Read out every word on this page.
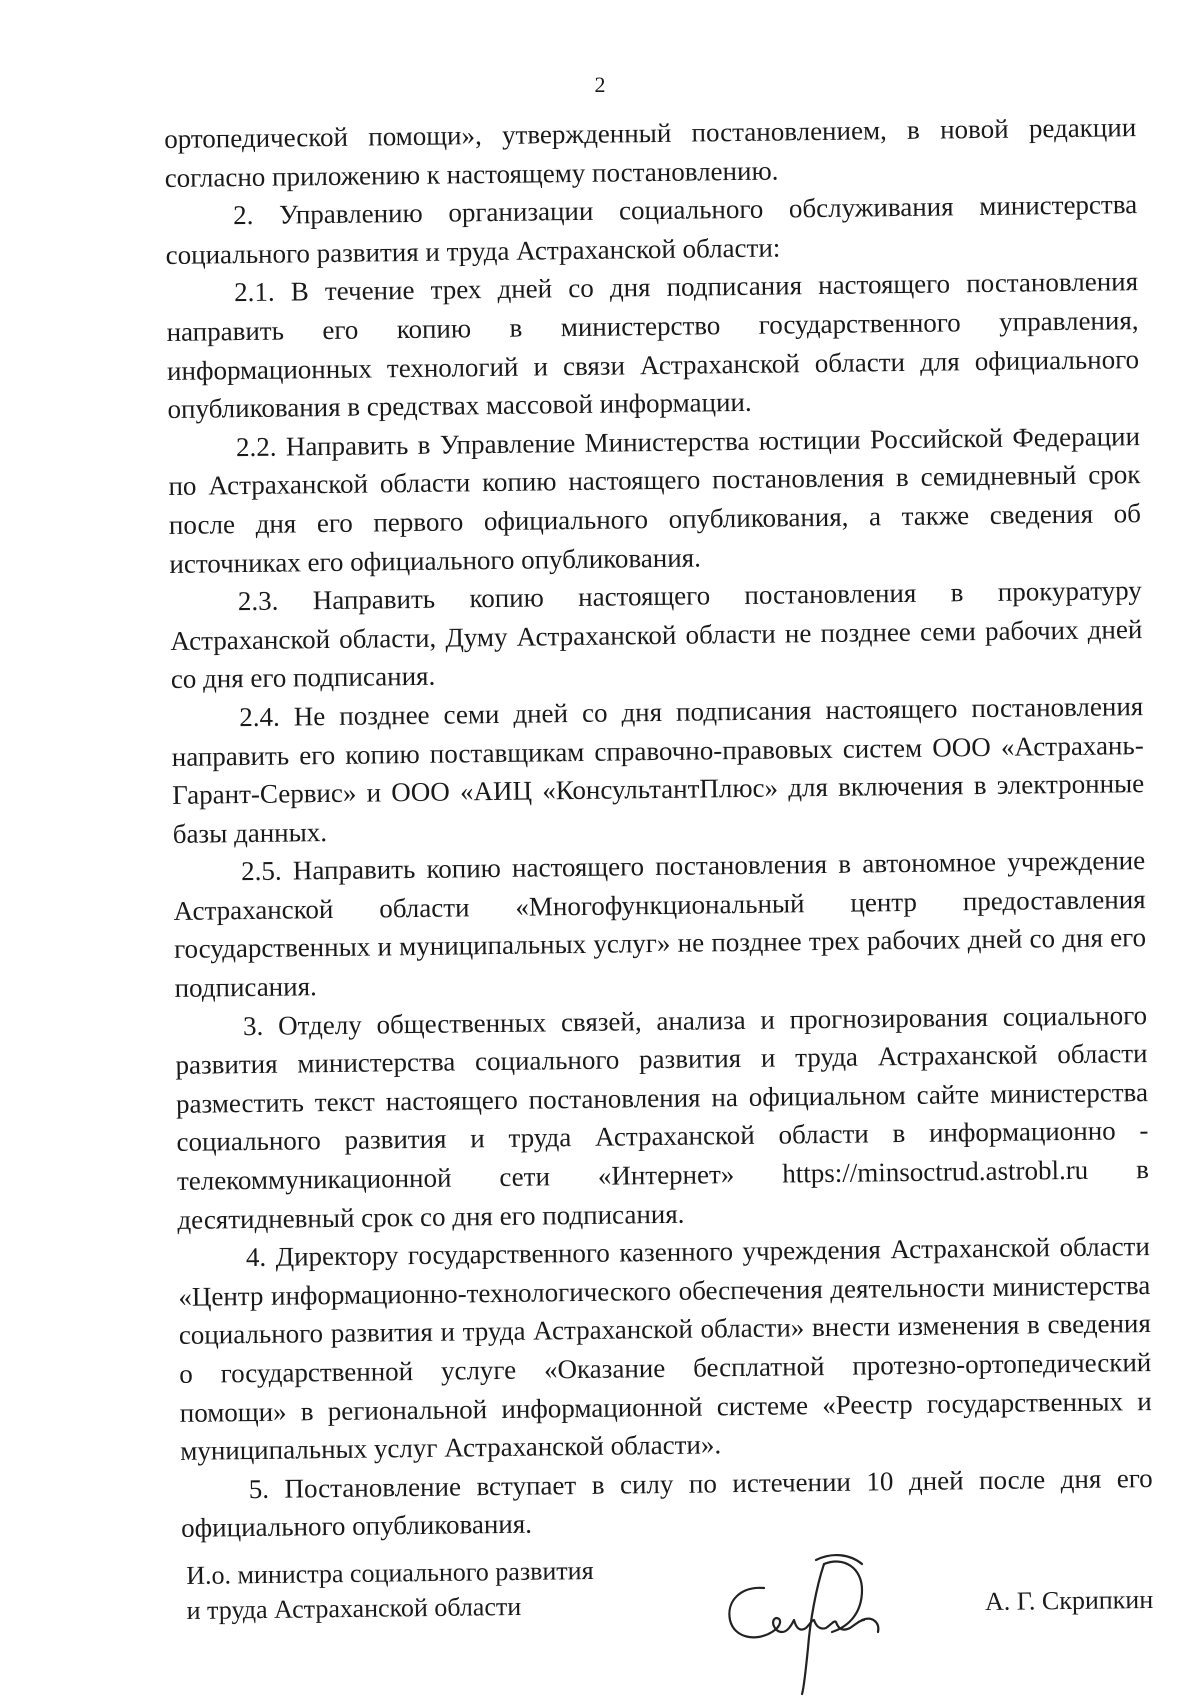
2

ортопедической помощи», утвержденный постановлением, в новой редакции согласно приложению к настоящему постановлению.

2. Управлению организации социального обслуживания министерства социального развития и труда Астраханской области:

2.1. В течение трех дней со дня подписания настоящего постановления направить его копию в министерство государственного управления, информационных технологий и связи Астраханской области для официального опубликования в средствах массовой информации.

2.2. Направить в Управление Министерства юстиции Российской Федерации по Астраханской области копию настоящего постановления в семидневный срок после дня его первого официального опубликования, а также сведения об источниках его официального опубликования.

2.3. Направить копию настоящего постановления в прокуратуру Астраханской области, Думу Астраханской области не позднее семи рабочих дней со дня его подписания.

2.4. Не позднее семи дней со дня подписания настоящего постановления направить его копию поставщикам справочно-правовых систем ООО «Астрахань-Гарант-Сервис» и ООО «АИЦ «КонсультантПлюс» для включения в электронные базы данных.

2.5. Направить копию настоящего постановления в автономное учреждение Астраханской области «Многофункциональный центр предоставления государственных и муниципальных услуг» не позднее трех рабочих дней со дня его подписания.

3. Отделу общественных связей, анализа и прогнозирования социального развития министерства социального развития и труда Астраханской области разместить текст настоящего постановления на официальном сайте министерства социального развития и труда Астраханской области в информационно - телекоммуникационной сети «Интернет» https://minsoctrud.astrobl.ru в десятидневный срок со дня его подписания.

4. Директору государственного казенного учреждения Астраханской области «Центр информационно-технологического обеспечения деятельности министерства социального развития и труда Астраханской области» внести изменения в сведения о государственной услуге «Оказание бесплатной протезно-ортопедический помощи» в региональной информационной системе «Реестр государственных и муниципальных услуг Астраханской области».

5. Постановление вступает в силу по истечении 10 дней после дня его официального опубликования.

И.о. министра социального развития
и труда Астраханской области	А. Г. Скрипкин
